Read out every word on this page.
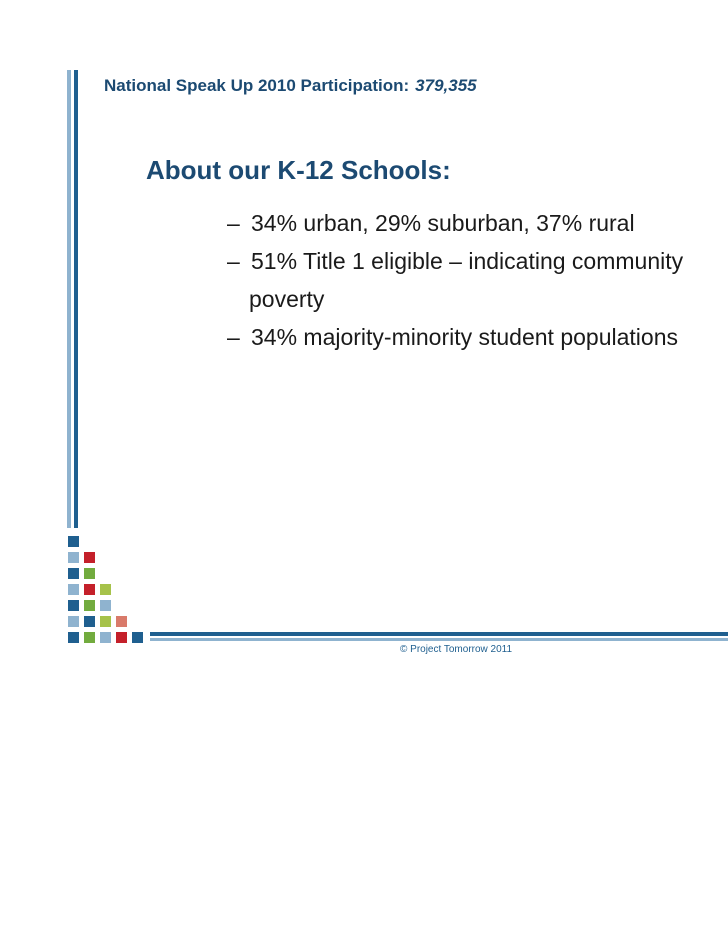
National Speak Up 2010 Participation: 379,355
About our K-12 Schools:
– 34% urban, 29% suburban, 37% rural
– 51% Title 1 eligible – indicating community
poverty
– 34% majority-minority student populations
© Project Tomorrow 2011
